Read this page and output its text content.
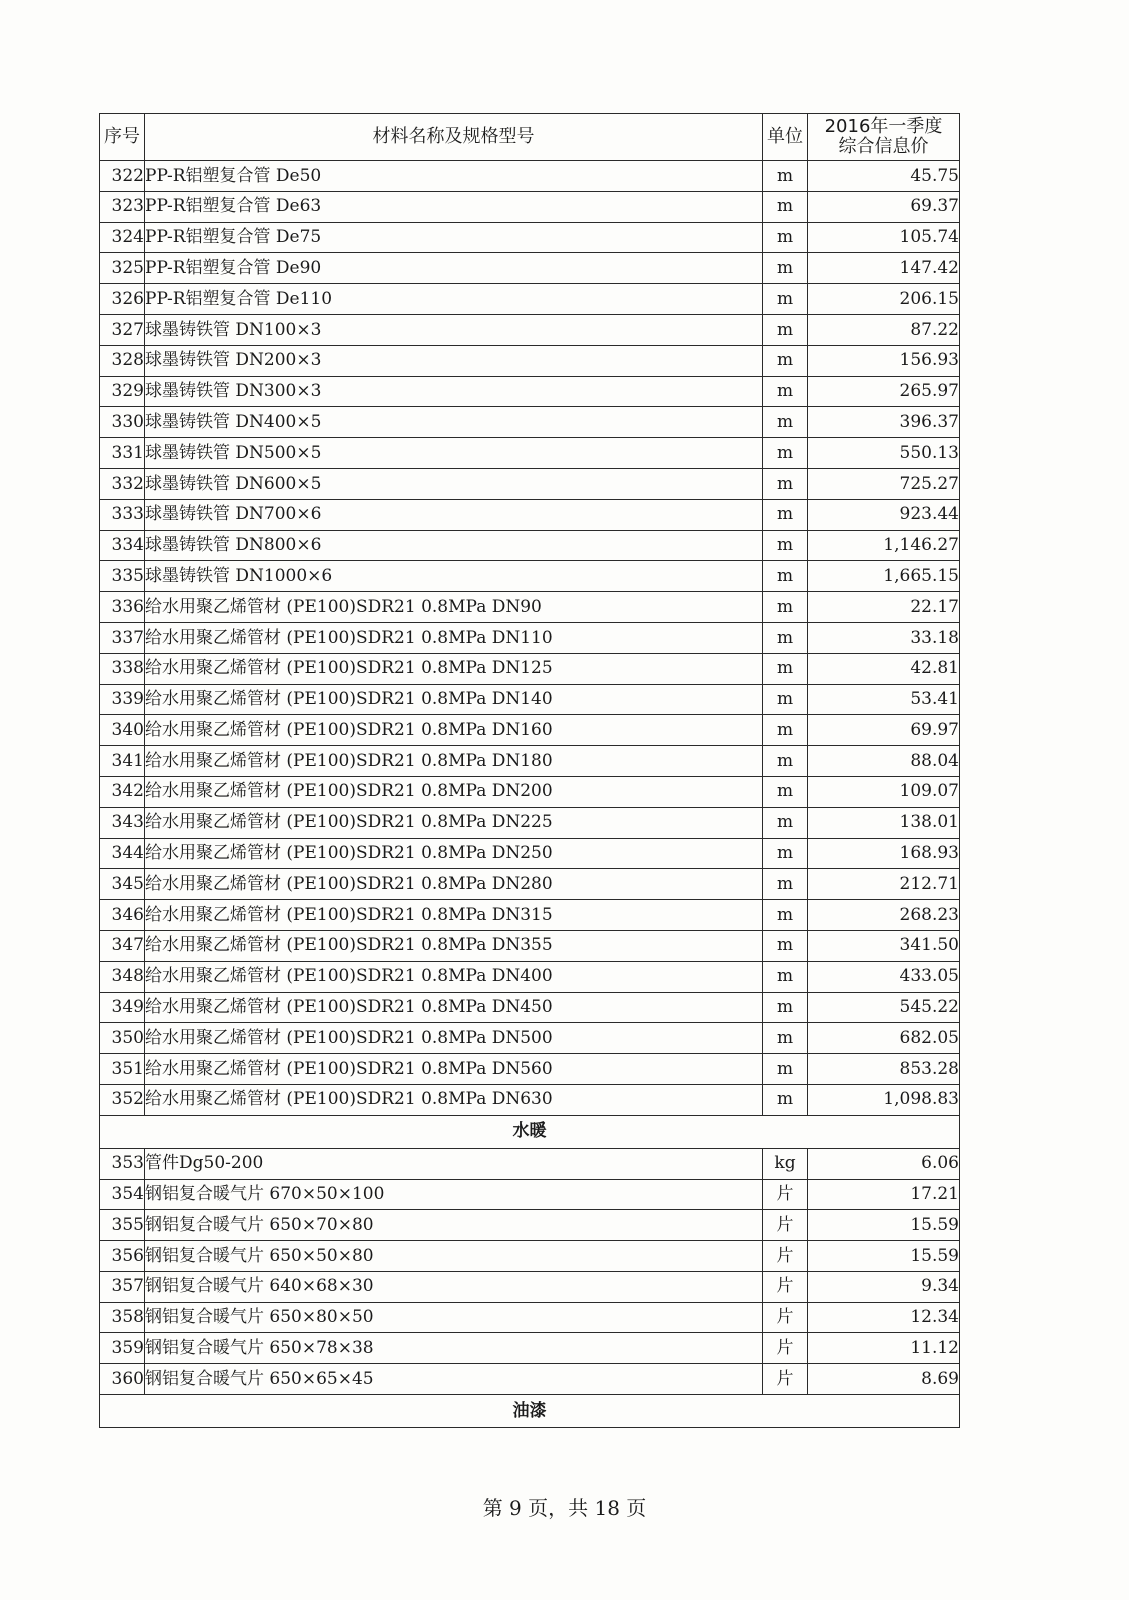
序号	材料名称及规格型号	单位	2016年一季度综合信息价

322	PP-R铝塑复合管 De50	m	45.75
323	PP-R铝塑复合管 De63	m	69.37
324	PP-R铝塑复合管 De75	m	105.74
325	PP-R铝塑复合管 De90	m	147.42
326	PP-R铝塑复合管 De110	m	206.15
327	球墨铸铁管 DN100×3	m	87.22
328	球墨铸铁管 DN200×3	m	156.93
329	球墨铸铁管 DN300×3	m	265.97
330	球墨铸铁管 DN400×5	m	396.37
331	球墨铸铁管 DN500×5	m	550.13
332	球墨铸铁管 DN600×5	m	725.27
333	球墨铸铁管 DN700×6	m	923.44
334	球墨铸铁管 DN800×6	m	1,146.27
335	球墨铸铁管 DN1000×6	m	1,665.15
336	给水用聚乙烯管材 (PE100)SDR21 0.8MPa DN90	m	22.17
337	给水用聚乙烯管材 (PE100)SDR21 0.8MPa DN110	m	33.18
338	给水用聚乙烯管材 (PE100)SDR21 0.8MPa DN125	m	42.81
339	给水用聚乙烯管材 (PE100)SDR21 0.8MPa DN140	m	53.41
340	给水用聚乙烯管材 (PE100)SDR21 0.8MPa DN160	m	69.97
341	给水用聚乙烯管材 (PE100)SDR21 0.8MPa DN180	m	88.04
342	给水用聚乙烯管材 (PE100)SDR21 0.8MPa DN200	m	109.07
343	给水用聚乙烯管材 (PE100)SDR21 0.8MPa DN225	m	138.01
344	给水用聚乙烯管材 (PE100)SDR21 0.8MPa DN250	m	168.93
345	给水用聚乙烯管材 (PE100)SDR21 0.8MPa DN280	m	212.71
346	给水用聚乙烯管材 (PE100)SDR21 0.8MPa DN315	m	268.23
347	给水用聚乙烯管材 (PE100)SDR21 0.8MPa DN355	m	341.50
348	给水用聚乙烯管材 (PE100)SDR21 0.8MPa DN400	m	433.05
349	给水用聚乙烯管材 (PE100)SDR21 0.8MPa DN450	m	545.22
350	给水用聚乙烯管材 (PE100)SDR21 0.8MPa DN500	m	682.05
351	给水用聚乙烯管材 (PE100)SDR21 0.8MPa DN560	m	853.28
352	给水用聚乙烯管材 (PE100)SDR21 0.8MPa DN630	m	1,098.83
水暖			
353	管件Dg50-200	kg	6.06
354	钢铝复合暖气片 670×50×100	片	17.21
355	钢铝复合暖气片 650×70×80	片	15.59
356	钢铝复合暖气片 650×50×80	片	15.59
357	钢铝复合暖气片 640×68×30	片	9.34
358	钢铝复合暖气片 650×80×50	片	12.34
359	钢铝复合暖气片 650×78×38	片	11.12
360	钢铝复合暖气片 650×65×45	片	8.69
油漆			
第 9 页，共 18 页
